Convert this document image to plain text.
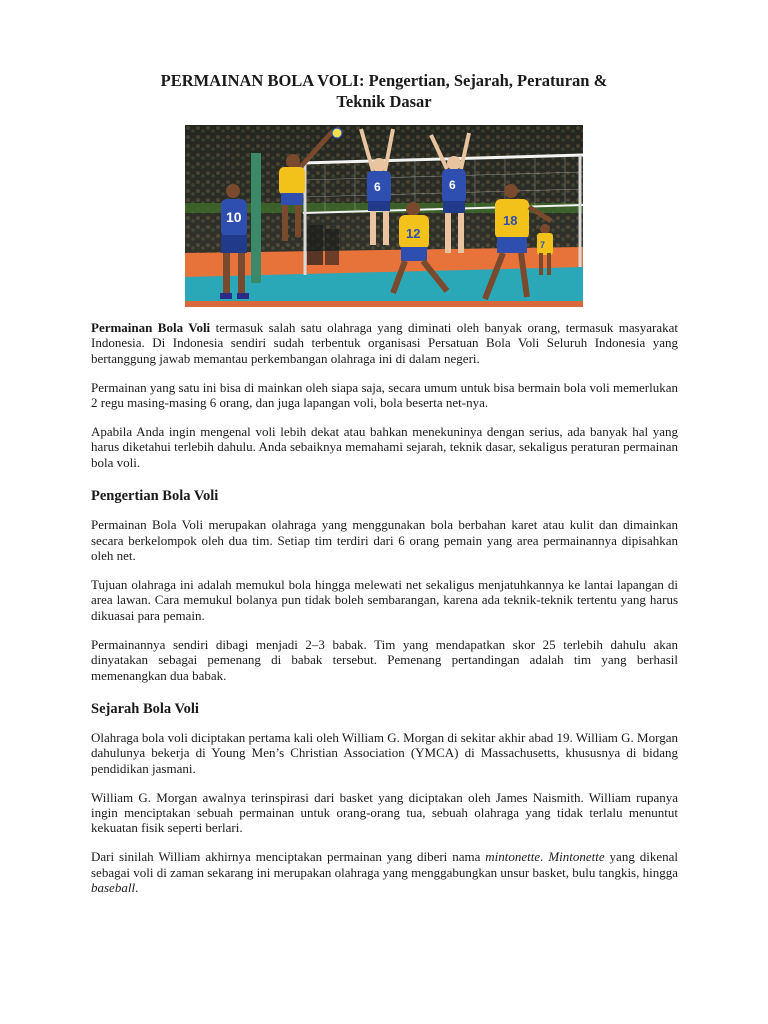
PERMAINAN BOLA VOLI: Pengertian, Sejarah, Peraturan &
Teknik Dasar
10
6	6
12
18
7

Permainan Bola Voli termasuk salah satu olahraga yang diminati oleh banyak orang, termasuk masyarakat Indonesia. Di Indonesia sendiri sudah terbentuk organisasi Persatuan Bola Voli Seluruh Indonesia yang bertanggung jawab memantau perkembangan olahraga ini di dalam negeri.

Permainan yang satu ini bisa di mainkan oleh siapa saja, secara umum untuk bisa bermain bola voli memerlukan 2 regu masing-masing 6 orang, dan juga lapangan voli, bola beserta net-nya.

Apabila Anda ingin mengenal voli lebih dekat atau bahkan menekuninya dengan serius, ada banyak hal yang harus diketahui terlebih dahulu. Anda sebaiknya memahami sejarah, teknik dasar, sekaligus peraturan permainan bola voli.

Pengertian Bola Voli

Permainan Bola Voli merupakan olahraga yang menggunakan bola berbahan karet atau kulit dan dimainkan secara berkelompok oleh dua tim. Setiap tim terdiri dari 6 orang pemain yang area permainannya dipisahkan oleh net.

Tujuan olahraga ini adalah memukul bola hingga melewati net sekaligus menjatuhkannya ke lantai lapangan di area lawan. Cara memukul bolanya pun tidak boleh sembarangan, karena ada teknik-teknik tertentu yang harus dikuasai para pemain.

Permainannya sendiri dibagi menjadi 2–3 babak. Tim yang mendapatkan skor 25 terlebih dahulu akan dinyatakan sebagai pemenang di babak tersebut. Pemenang pertandingan adalah tim yang berhasil memenangkan dua babak.

Sejarah Bola Voli

Olahraga bola voli diciptakan pertama kali oleh William G. Morgan di sekitar akhir abad 19. William G. Morgan dahulunya bekerja di Young Men’s Christian Association (YMCA) di Massachusetts, khususnya di bidang pendidikan jasmani.

William G. Morgan awalnya terinspirasi dari basket yang diciptakan oleh James Naismith. William rupanya ingin menciptakan sebuah permainan untuk orang-orang tua, sebuah olahraga yang tidak terlalu menuntut kekuatan fisik seperti berlari.

Dari sinilah William akhirnya menciptakan permainan yang diberi nama mintonette. Mintonette yang dikenal sebagai voli di zaman sekarang ini merupakan olahraga yang menggabungkan unsur basket, bulu tangkis, hingga baseball.
